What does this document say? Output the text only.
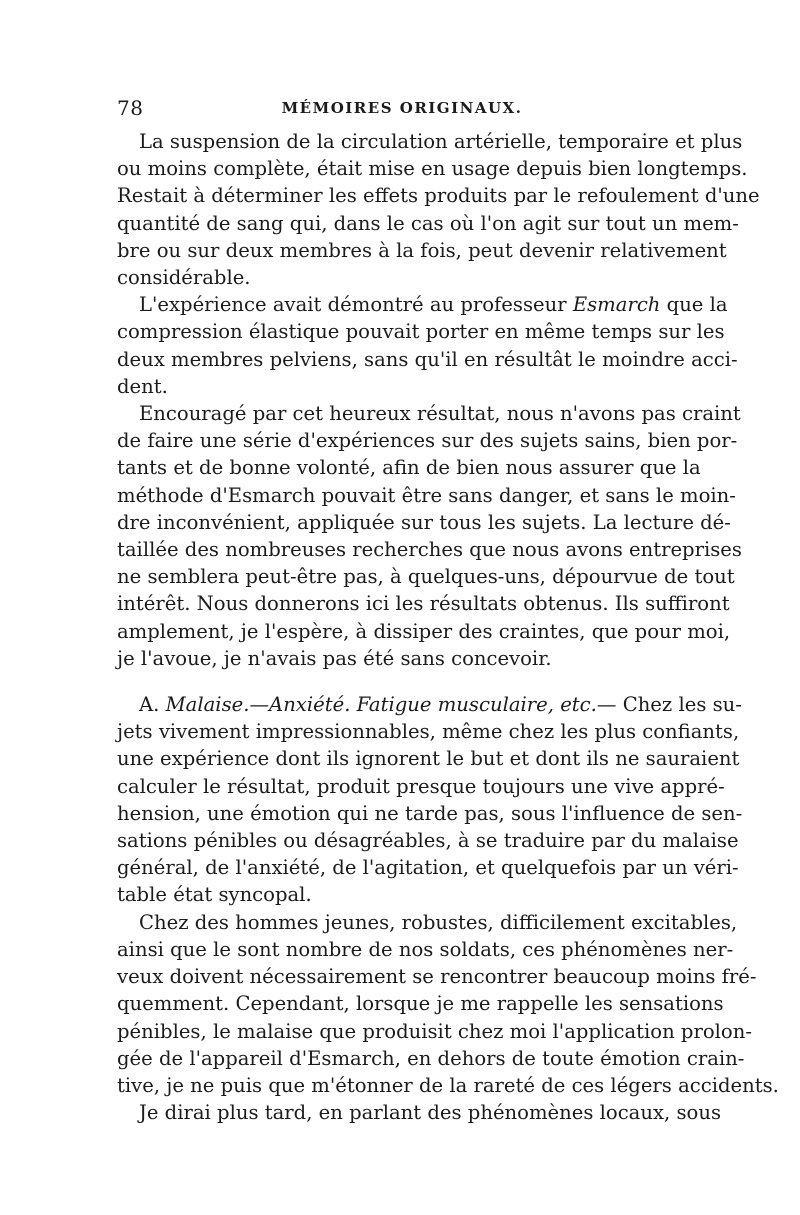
78	MÉMOIRES ORIGINAUX.
La suspension de la circulation artérielle, temporaire et plus
ou moins complète, était mise en usage depuis bien longtemps.
Restait à déterminer les effets produits par le refoulement d'une
quantité de sang qui, dans le cas où l'on agit sur tout un mem-
bre ou sur deux membres à la fois, peut devenir relativement
considérable.
L'expérience avait démontré au professeur Esmarch que la
compression élastique pouvait porter en même temps sur les
deux membres pelviens, sans qu'il en résultât le moindre acci-
dent.
Encouragé par cet heureux résultat, nous n'avons pas craint
de faire une série d'expériences sur des sujets sains, bien por-
tants et de bonne volonté, afin de bien nous assurer que la
méthode d'Esmarch pouvait être sans danger, et sans le moin-
dre inconvénient, appliquée sur tous les sujets. La lecture dé-
taillée des nombreuses recherches que nous avons entreprises
ne semblera peut-être pas, à quelques-uns, dépourvue de tout
intérêt. Nous donnerons ici les résultats obtenus. Ils suffiront
amplement, je l'espère, à dissiper des craintes, que pour moi,
je l'avoue, je n'avais pas été sans concevoir.
A. Malaise.—Anxiété. Fatigue musculaire, etc.— Chez les su-
jets vivement impressionnables, même chez les plus confiants,
une expérience dont ils ignorent le but et dont ils ne sauraient
calculer le résultat, produit presque toujours une vive appré-
hension, une émotion qui ne tarde pas, sous l'influence de sen-
sations pénibles ou désagréables, à se traduire par du malaise
général, de l'anxiété, de l'agitation, et quelquefois par un véri-
table état syncopal.
Chez des hommes jeunes, robustes, difficilement excitables,
ainsi que le sont nombre de nos soldats, ces phénomènes ner-
veux doivent nécessairement se rencontrer beaucoup moins fré-
quemment. Cependant, lorsque je me rappelle les sensations
pénibles, le malaise que produisit chez moi l'application prolon-
gée de l'appareil d'Esmarch, en dehors de toute émotion crain-
tive, je ne puis que m'étonner de la rareté de ces légers accidents.
Je dirai plus tard, en parlant des phénomènes locaux, sous
